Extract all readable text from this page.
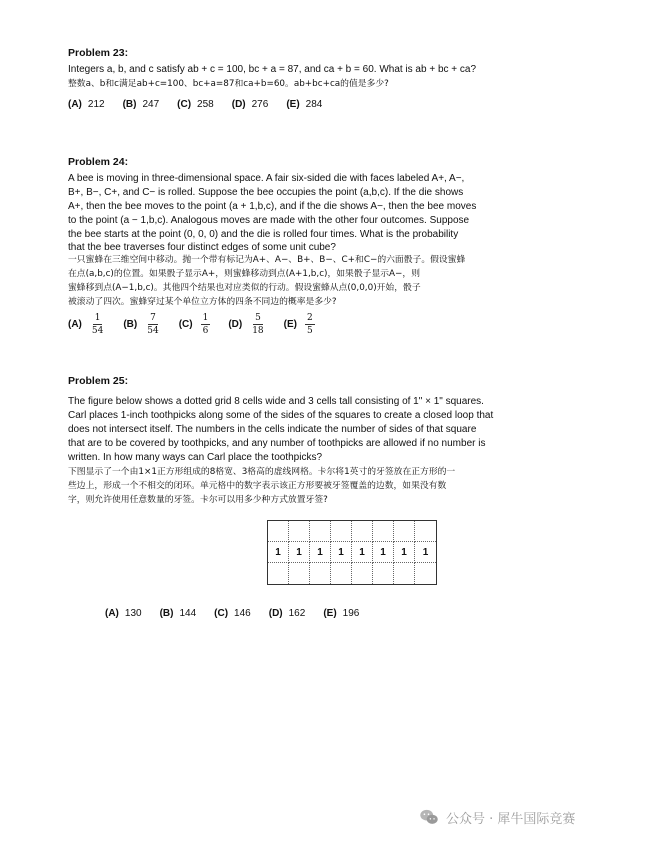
Problem 23:

Integers a, b, and c satisfy ab + c = 100, bc + a = 87, and ca + b = 60. What is ab + bc + ca?

整数a、b和c满足ab+c=100、bc+a=87和ca+b=60。ab+bc+ca的值是多少?

(A) 212 (B) 247 (C) 258 (D) 276 (E) 284

Problem 24:

A bee is moving in three-dimensional space. A fair six-sided die with faces labeled A+, A−,

B+, B−, C+, and C− is rolled. Suppose the bee occupies the point (a,b,c). If the die shows

A+, then the bee moves to the point (a + 1,b,c), and if the die shows A−, then the bee moves

to the point (a − 1,b,c). Analogous moves are made with the other four outcomes. Suppose

the bee starts at the point (0, 0, 0) and the die is rolled four times. What is the probability

that the bee traverses four distinct edges of some unit cube?

一只蜜蜂在三维空间中移动。抛一个带有标记为A+、A−、B+、B−、C+和C−的六面骰子。假设蜜蜂

在点(a,b,c)的位置。如果骰子显示A+，则蜜蜂移动到点(A+1,b,c)，如果骰子显示A−，则

蜜蜂移到点(A−1,b,c)。其他四个结果也对应类似的行动。假设蜜蜂从点(0,0,0)开始，骰子

被滚动了四次。蜜蜂穿过某个单位立方体的四条不同边的概率是多少?

$(A) \frac{1}{54} (B) \frac{7}{54} (C) \frac{1}{6} (D) \frac{5}{18} (E) \frac{2}{5}$

Problem 25:

The figure below shows a dotted grid 8 cells wide and 3 cells tall consisting of 1" × 1" squares.

Carl places 1-inch toothpicks along some of the sides of the squares to create a closed loop that

does not intersect itself. The numbers in the cells indicate the number of sides of that square

that are to be covered by toothpicks, and any number of toothpicks are allowed if no number is

written. In how many ways can Carl place the toothpicks?

下图显示了一个由1×1正方形组成的8格宽、3格高的虚线网格。卡尔将1英寸的牙签放在正方形的一

些边上，形成一个不相交的闭环。单元格中的数字表示该正方形要被牙签覆盖的边数，如果没有数

字，则允许使用任意数量的牙签。卡尔可以用多少种方式放置牙签?

1	1	1	1	1	1	1	1
(A) 130 (B) 144 (C) 146 (D) 162 (E) 196
公众号 · 犀牛国际竞赛
